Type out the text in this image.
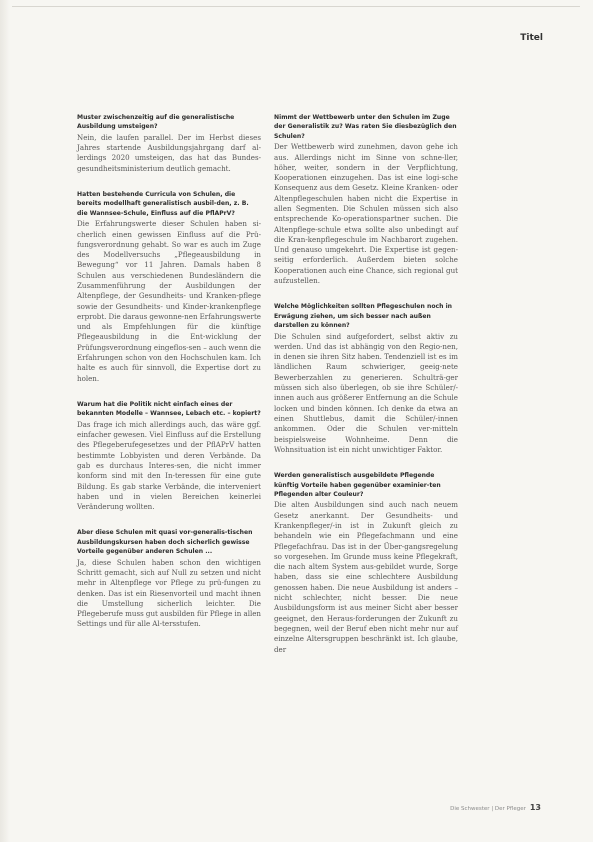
Titel

Muster zwischenzeitig auf die generalistische Ausbildung umsteigen?

Nein, die laufen parallel. Der im Herbst dieses Jahres startende Ausbildungsjahrgang darf al-lerdings 2020 umsteigen, das hat das Bundes-gesundheitsministerium deutlich gemacht.

Hatten bestehende Curricula von Schulen, die bereits modellhaft generalistisch ausbil-den, z. B. die Wannsee-Schule, Einfluss auf die PflAPrV?

Die Erfahrungswerte dieser Schulen haben si-cherlich einen gewissen Einfluss auf die Prü-fungsverordnung gehabt. So war es auch im Zuge des Modellversuchs „Pflegeausbildung in Bewegung“ vor 11 Jahren. Damals haben 8 Schulen aus verschiedenen Bundesländern die Zusammenführung der Ausbildungen der Altenpflege, der Gesundheits- und Kranken-pflege sowie der Gesundheits- und Kinder-krankenpflege erprobt. Die daraus gewonne-nen Erfahrungswerte und als Empfehlungen für die künftige Pflegeausbildung in die Ent-wicklung der Prüfungsverordnung eingeflos-sen – auch wenn die Erfahrungen schon von den Hochschulen kam. Ich halte es auch für sinnvoll, die Expertise dort zu holen.

Warum hat die Politik nicht einfach eines der bekannten Modelle – Wannsee, Lebach etc. – kopiert?

Das frage ich mich allerdings auch, das wäre ggf. einfacher gewesen. Viel Einfluss auf die Erstellung des Pflegeberufegesetzes und der PflAPrV hatten bestimmte Lobbyisten und deren Verbände. Da gab es durchaus Interes-sen, die nicht immer konform sind mit den In-teressen für eine gute Bildung. Es gab starke Verbände, die interveniert haben und in vielen Bereichen keinerlei Veränderung wollten.

Aber diese Schulen mit quasi vor-generalis-tischen Ausbildungskursen haben doch sicherlich gewisse Vorteile gegenüber anderen Schulen ...

Ja, diese Schulen haben schon den wichtigen Schritt gemacht, sich auf Null zu setzen und nicht mehr in Altenpflege vor Pflege zu prü-fungen zu denken. Das ist ein Riesenvorteil und macht ihnen die Umstellung sicherlich leichter. Die Pflegeberufe muss gut ausbilden für Pflege in allen Settings und für alle Al-tersstufen.

Nimmt der Wettbewerb unter den Schulen im Zuge der Generalistik zu? Was raten Sie diesbezüglich den Schulen?

Der Wettbewerb wird zunehmen, davon gehe ich aus. Allerdings nicht im Sinne von schne-ller, höher, weiter, sondern in der Verpflichtung, Kooperationen einzugehen. Das ist eine logi-sche Konsequenz aus dem Gesetz. Kleine Kranken- oder Altenpflegeschulen haben nicht die Expertise in allen Segmenten. Die Schulen müssen sich also entsprechende Ko-operationspartner suchen. Die Altenpflege-schule etwa sollte also unbedingt auf die Kran-kenpflegeschule im Nachbarort zugehen. Und genauso umgekehrt. Die Expertise ist gegen-seitig erforderlich. Außerdem bieten solche Kooperationen auch eine Chance, sich regional gut aufzustellen.

Welche Möglichkeiten sollten Pflegeschulen noch in Erwägung ziehen, um sich besser nach außen darstellen zu können?

Die Schulen sind aufgefordert, selbst aktiv zu werden. Und das ist abhängig von den Regio-nen, in denen sie ihren Sitz haben. Tendenziell ist es im ländlichen Raum schwieriger, geeig-nete Bewerberzahlen zu generieren. Schulträ-ger müssen sich also überlegen, ob sie ihre Schüler/-innen auch aus größerer Entfernung an die Schule locken und binden können. Ich denke da etwa an einen Shuttlebus, damit die Schüler/-innen ankommen. Oder die Schulen ver-mitteln beispielsweise Wohnheime. Denn die Wohnsituation ist ein nicht unwichtiger Faktor.

Werden generalistisch ausgebildete Pflegende künftig Vorteile haben gegenüber examinier-ten Pflegenden alter Couleur?

Die alten Ausbildungen sind auch nach neuem Gesetz anerkannt. Der Gesundheits- und Krankenpfleger/-in ist in Zukunft gleich zu behandeln wie ein Pflegefachmann und eine Pflegefachfrau. Das ist in der Über-gangsregelung so vorgesehen. Im Grunde muss keine Pflegekraft, die nach altem System aus-gebildet wurde, Sorge haben, dass sie eine schlechtere Ausbildung genossen haben. Die neue Ausbildung ist anders – nicht schlechter, nicht besser. Die neue Ausbildungsform ist aus meiner Sicht aber besser geeignet, den Heraus-forderungen der Zukunft zu begegnen, weil der Beruf eben nicht mehr nur auf einzelne Altersgruppen beschränkt ist. Ich glaube, der

Die Schwester | Der Pfleger 13
